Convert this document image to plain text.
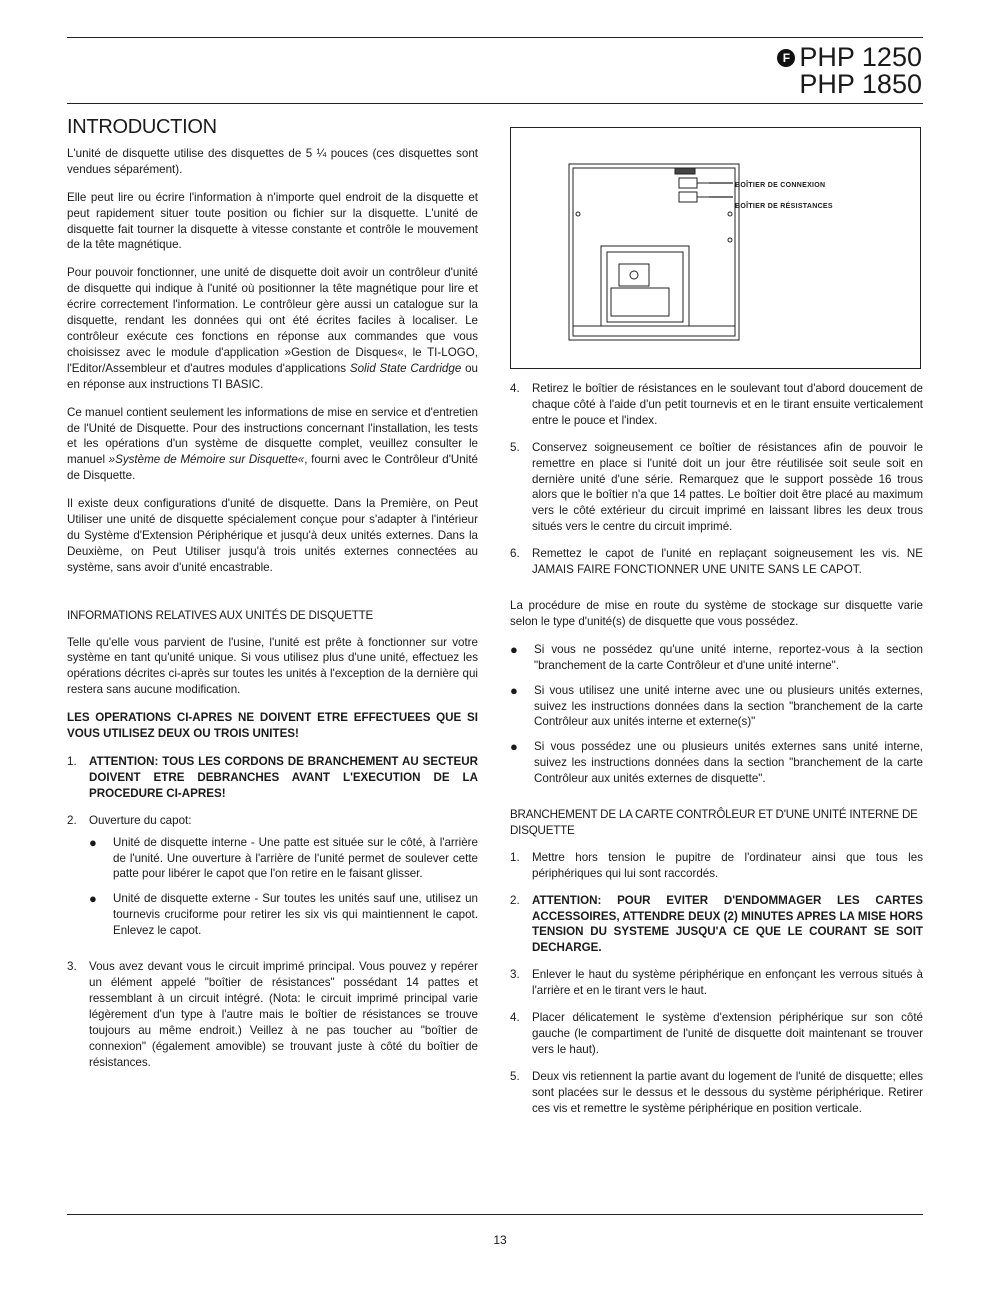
F PHP 1250
PHP 1850
INTRODUCTION

L'unité de disquette utilise des disquettes de 5 ¼ pouces (ces disquettes sont vendues séparément).

Elle peut lire ou écrire l'information à n'importe quel endroit de la disquette et peut rapidement situer toute position ou fichier sur la disquette. L'unité de disquette fait tourner la disquette à vitesse constante et contrôle le mouvement de la tête magnétique.

Pour pouvoir fonctionner, une unité de disquette doit avoir un contrôleur d'unité de disquette qui indique à l'unité où positionner la tête magnétique pour lire et écrire correctement l'information. Le contrôleur gère aussi un catalogue sur la disquette, rendant les données qui ont été écrites faciles à localiser. Le contrôleur exécute ces fonctions en réponse aux commandes que vous choisissez avec le module d'application »Gestion de Disques«, le TI-LOGO, l'Editor/Assembleur et d'autres modules d'applications Solid State Cardridge ou en réponse aux instructions TI BASIC.

Ce manuel contient seulement les informations de mise en service et d'entretien de l'Unité de Disquette. Pour des instructions concernant l'installation, les tests et les opérations d'un système de disquette complet, veuillez consulter le manuel »Système de Mémoire sur Disquette«, fourni avec le Contrôleur d'Unité de Disquette.

Il existe deux configurations d'unité de disquette. Dans la Première, on Peut Utiliser une unité de disquette spécialement conçue pour s'adapter à l'intérieur du Système d'Extension Périphérique et jusqu'à deux unités externes. Dans la Deuxième, on Peut Utiliser jusqu'à trois unités externes connectées au système, sans avoir d'unité encastrable.

INFORMATIONS RELATIVES AUX UNITÉS DE DISQUETTE

Telle qu'elle vous parvient de l'usine, l'unité est prête à fonctionner sur votre système en tant qu'unité unique. Si vous utilisez plus d'une unité, effectuez les opérations décrites ci-après sur toutes les unités à l'exception de la dernière qui restera sans aucune modification.

LES OPERATIONS CI-APRES NE DOIVENT ETRE EFFECTUEES QUE SI VOUS UTILISEZ DEUX OU TROIS UNITES!

1.	ATTENTION: TOUS LES CORDONS DE BRANCHEMENT AU SECTEUR DOIVENT ETRE DEBRANCHES AVANT L'EXECUTION DE LA PROCEDURE CI-APRES!
2.	Ouverture du capot:
●	Unité de disquette interne - Une patte est située sur le côté, à l'arrière de l'unité. Une ouverture à l'arrière de l'unité permet de soulever cette patte pour libérer le capot que l'on retire en le faisant glisser.
●	Unité de disquette externe - Sur toutes les unités sauf une, utilisez un tournevis cruciforme pour retirer les six vis qui maintiennent le capot. Enlevez le capot.
3.	Vous avez devant vous le circuit imprimé principal. Vous pouvez y repérer un élément appelé "boîtier de résistances" possédant 14 pattes et ressemblant à un circuit intégré. (Nota: le circuit imprimé principal varie légèrement d'un type à l'autre mais le boîtier de résistances se trouve toujours au même endroit.) Veillez à ne pas toucher au "boîtier de connexion" (également amovible) se trouvant juste à côté du boîtier de résistances.
BOÎTIER DE CONNEXION
BOÎTIER DE RÉSISTANCES
4.	Retirez le boîtier de résistances en le soulevant tout d'abord doucement de chaque côté à l'aide d'un petit tournevis et en le tirant ensuite verticalement entre le pouce et l'index.
5.	Conservez soigneusement ce boîtier de résistances afin de pouvoir le remettre en place si l'unité doit un jour être réutilisée soit seule soit en dernière unité d'une série. Remarquez que le support possède 16 trous alors que le boîtier n'a que 14 pattes. Le boîtier doit être placé au maximum vers le côté extérieur du circuit imprimé en laissant libres les deux trous situés vers le centre du circuit imprimé.
6.	Remettez le capot de l'unité en replaçant soigneusement les vis. NE JAMAIS FAIRE FONCTIONNER UNE UNITE SANS LE CAPOT.

La procédure de mise en route du système de stockage sur disquette varie selon le type d'unité(s) de disquette que vous possédez.

●	Si vous ne possédez qu'une unité interne, reportez-vous à la section "branchement de la carte Contrôleur et d'une unité interne".
●	Si vous utilisez une unité interne avec une ou plusieurs unités externes, suivez les instructions données dans la section "branchement de la carte Contrôleur aux unités interne et externe(s)"
●	Si vous possédez une ou plusieurs unités externes sans unité interne, suivez les instructions données dans la section "branchement de la carte Contrôleur aux unités externes de disquette".
BRANCHEMENT DE LA CARTE CONTRÔLEUR ET D'UNE UNITÉ INTERNE DE DISQUETTE
1.	Mettre hors tension le pupitre de l'ordinateur ainsi que tous les périphériques qui lui sont raccordés.
2.	ATTENTION: POUR EVITER D'ENDOMMAGER LES CARTES ACCESSOIRES, ATTENDRE DEUX (2) MINUTES APRES LA MISE HORS TENSION DU SYSTEME JUSQU'A CE QUE LE COURANT SE SOIT DECHARGE.
3.	Enlever le haut du système périphérique en enfonçant les verrous situés à l'arrière et en le tirant vers le haut.
4.	Placer délicatement le système d'extension périphérique sur son côté gauche (le compartiment de l'unité de disquette doit maintenant se trouver vers le haut).
5.	Deux vis retiennent la partie avant du logement de l'unité de disquette; elles sont placées sur le dessus et le dessous du système périphérique. Retirer ces vis et remettre le système périphérique en position verticale.
13
